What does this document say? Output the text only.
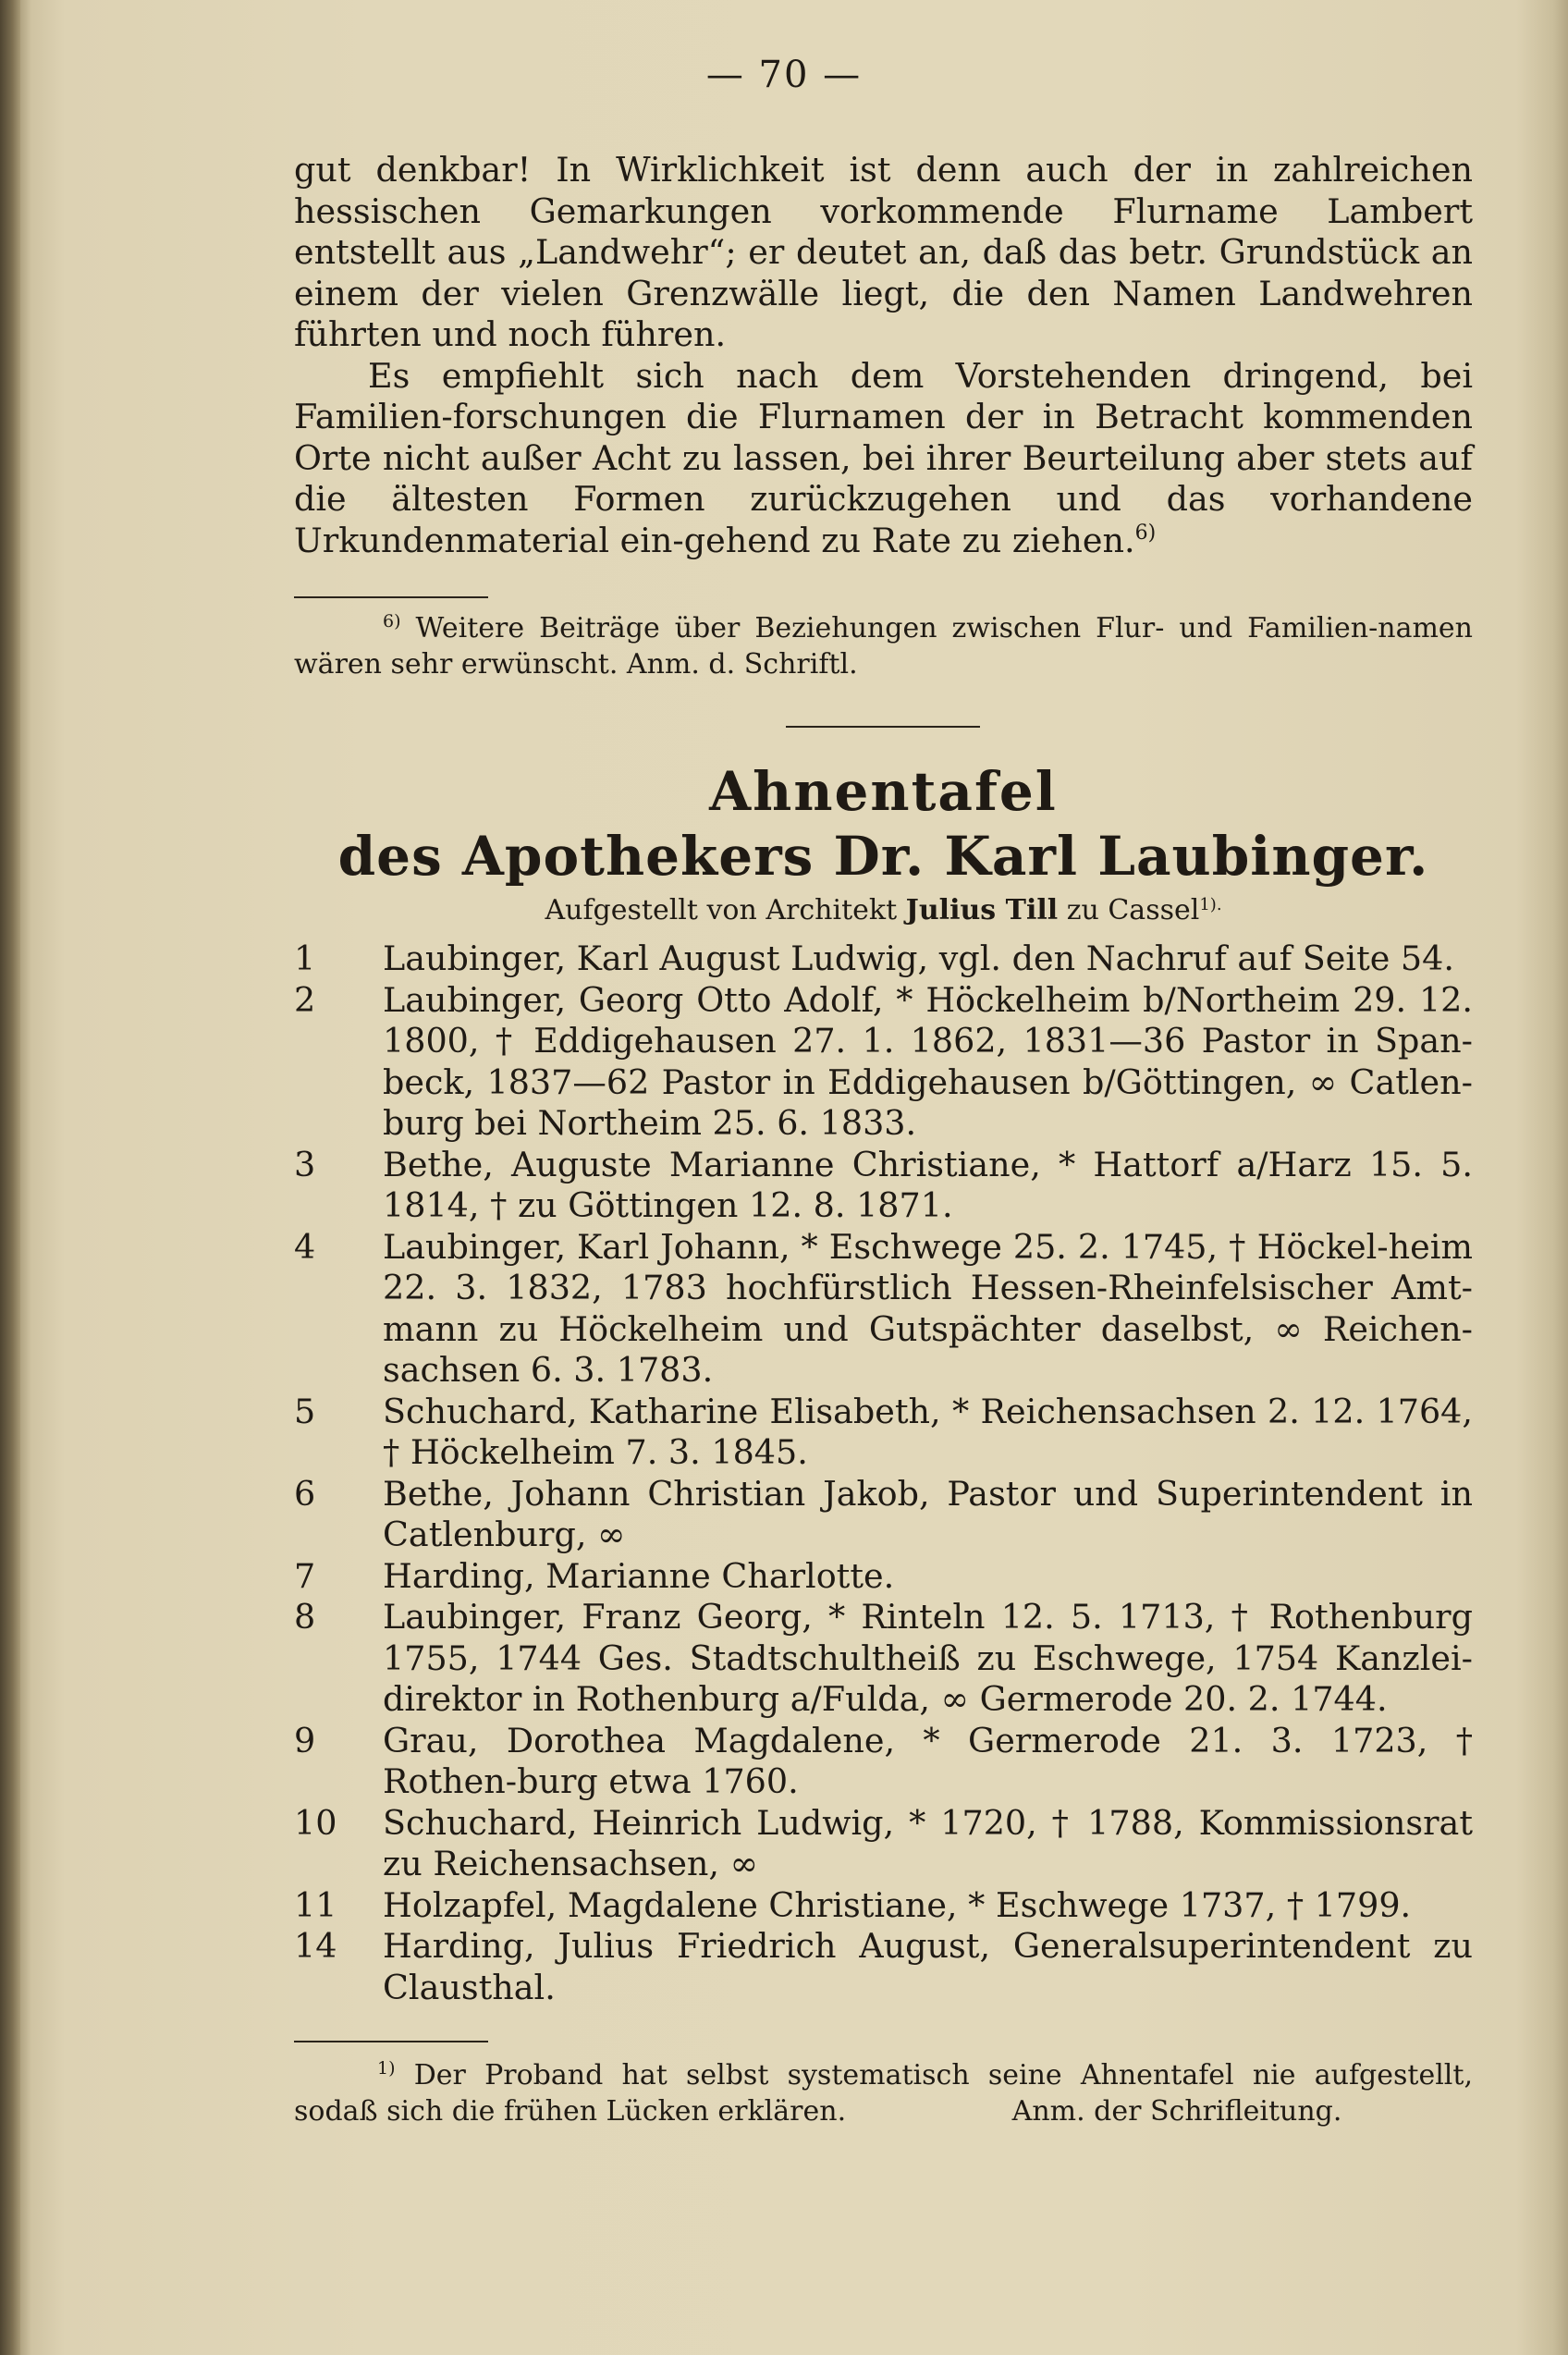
— 70 —

gut denkbar! In Wirklichkeit ist denn auch der in zahlreichen hessischen Gemarkungen vorkommende Flurname Lambert entstellt aus „Landwehr“; er deutet an, daß das betr. Grundstück an einem der vielen Grenzwälle liegt, die den Namen Landwehren führten und noch führen.

Es empfiehlt sich nach dem Vorstehenden dringend, bei Familien-forschungen die Flurnamen der in Betracht kommenden Orte nicht außer Acht zu lassen, bei ihrer Beurteilung aber stets auf die ältesten Formen zurückzugehen und das vorhandene Urkundenmaterial ein-gehend zu Rate zu ziehen.$^{6)}$

$^{6)}$ Weitere Beiträge über Beziehungen zwischen Flur- und Familien-namen wären sehr erwünscht. Anm. d. Schriftl.

Ahnentafel
des Apothekers Dr. Karl Laubinger.
Aufgestellt von Architekt Julius Till zu Cassel$^{1).}$
1	Laubinger, Karl August Ludwig, vgl. den Nachruf auf Seite 54.
2	Laubinger, Georg Otto Adolf, * Höckelheim b/Northeim 29. 12. 1800, † Eddigehausen 27. 1. 1862, 1831—36 Pastor in Span-beck, 1837—62 Pastor in Eddigehausen b/Göttingen, ∞ Catlen-burg bei Northeim 25. 6. 1833.
3	Bethe, Auguste Marianne Christiane, * Hattorf a/Harz 15. 5. 1814, † zu Göttingen 12. 8. 1871.
4	Laubinger, Karl Johann, * Eschwege 25. 2. 1745, † Höckel-heim 22. 3. 1832, 1783 hochfürstlich Hessen-Rheinfelsischer Amt-mann zu Höckelheim und Gutspächter daselbst, ∞ Reichen-sachsen 6. 3. 1783.
5	Schuchard, Katharine Elisabeth, * Reichensachsen 2. 12. 1764, † Höckelheim 7. 3. 1845.
6	Bethe, Johann Christian Jakob, Pastor und Superintendent in Catlenburg, ∞
7	Harding, Marianne Charlotte.
8	Laubinger, Franz Georg, * Rinteln 12. 5. 1713, † Rothenburg 1755, 1744 Ges. Stadtschultheiß zu Eschwege, 1754 Kanzlei-direktor in Rothenburg a/Fulda, ∞ Germerode 20. 2. 1744.
9	Grau, Dorothea Magdalene, * Germerode 21. 3. 1723, † Rothen-burg etwa 1760.
10	Schuchard, Heinrich Ludwig, * 1720, † 1788, Kommissionsrat zu Reichensachsen, ∞
11	Holzapfel, Magdalene Christiane, * Eschwege 1737, † 1799.
14	Harding, Julius Friedrich August, Generalsuperintendent zu Clausthal.

$^{1)}$ Der Proband hat selbst systematisch seine Ahnentafel nie aufgestellt, sodaß sich die frühen Lücken erklären.	Anm. der Schrifleitung.
